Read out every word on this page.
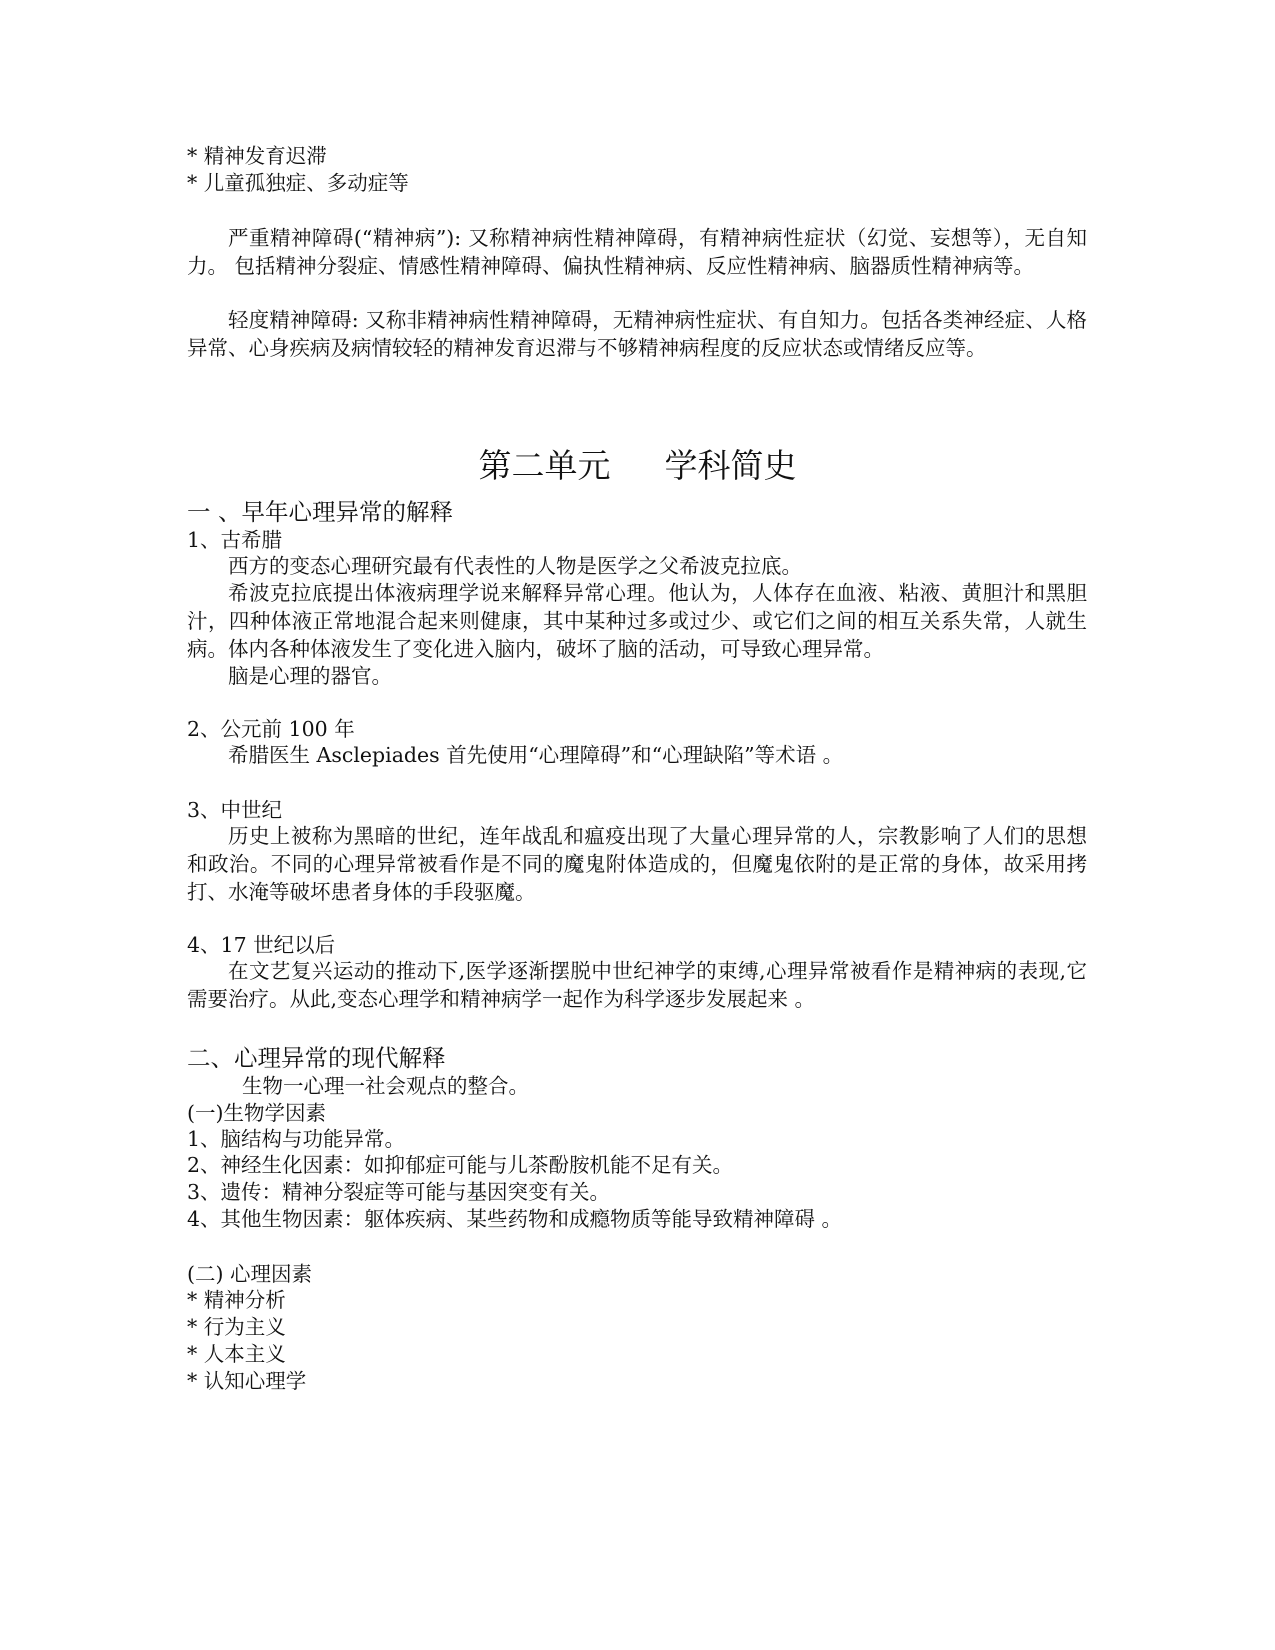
* 精神发育迟滞

* 儿童孤独症、多动症等

严重精神障碍(“精神病”): 又称精神病性精神障碍，有精神病性症状（幻觉、妄想等），无自知力。 包括精神分裂症、情感性精神障碍、偏执性精神病、反应性精神病、脑器质性精神病等。

轻度精神障碍: 又称非精神病性精神障碍，无精神病性症状、有自知力。包括各类神经症、人格异常、心身疾病及病情较轻的精神发育迟滞与不够精神病程度的反应状态或情绪反应等。

第二单元 学科简史
一 、早年心理异常的解释

1、古希腊

西方的变态心理研究最有代表性的人物是医学之父希波克拉底。

希波克拉底提出体液病理学说来解释异常心理。他认为，人体存在血液、粘液、黄胆汁和黑胆汁，四种体液正常地混合起来则健康，其中某种过多或过少、或它们之间的相互关系失常，人就生病。体内各种体液发生了变化进入脑内，破坏了脑的活动，可导致心理异常。

脑是心理的器官。

2、公元前 100 年

希腊医生 Asclepiades 首先使用“心理障碍”和“心理缺陷”等术语 。

3、中世纪

历史上被称为黑暗的世纪，连年战乱和瘟疫出现了大量心理异常的人，宗教影响了人们的思想和政治。不同的心理异常被看作是不同的魔鬼附体造成的，但魔鬼依附的是正常的身体，故采用拷打、水淹等破坏患者身体的手段驱魔。

4、17 世纪以后

在文艺复兴运动的推动下,医学逐渐摆脱中世纪神学的束缚,心理异常被看作是精神病的表现,它需要治疗。从此,变态心理学和精神病学一起作为科学逐步发展起来 。

二、心理异常的现代解释

生物一心理一社会观点的整合。

(一)生物学因素

1、脑结构与功能异常。

2、神经生化因素：如抑郁症可能与儿茶酚胺机能不足有关。

3、遗传：精神分裂症等可能与基因突变有关。

4、其他生物因素：躯体疾病、某些药物和成瘾物质等能导致精神障碍 。

(二) 心理因素

* 精神分析

* 行为主义

* 人本主义

* 认知心理学
